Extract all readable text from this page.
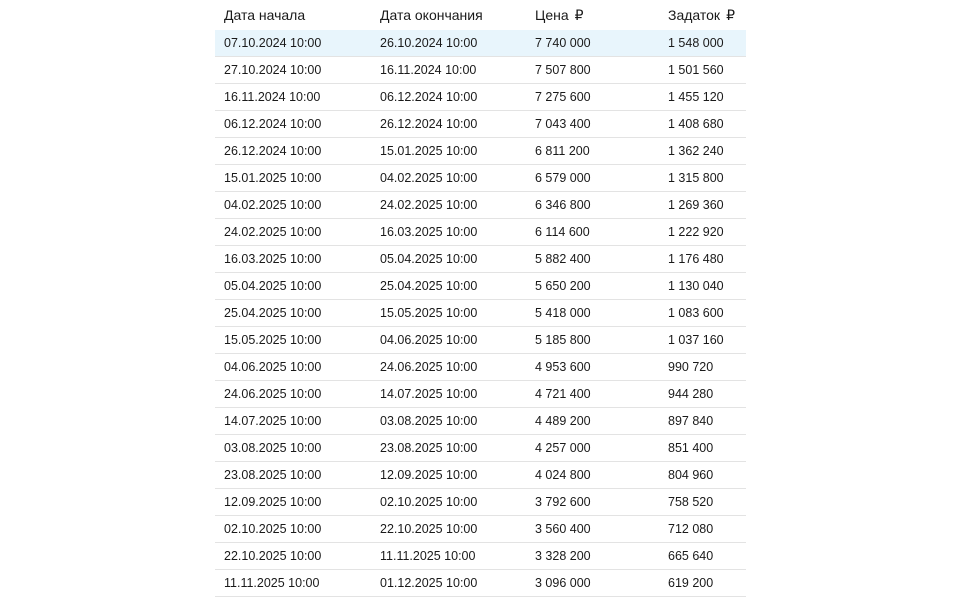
Дата начала	Дата окончания	Цена ₽	Задаток ₽
07.10.2024 10:00	26.10.2024 10:00	7 740 000	1 548 000
27.10.2024 10:00	16.11.2024 10:00	7 507 800	1 501 560
16.11.2024 10:00	06.12.2024 10:00	7 275 600	1 455 120
06.12.2024 10:00	26.12.2024 10:00	7 043 400	1 408 680
26.12.2024 10:00	15.01.2025 10:00	6 811 200	1 362 240
15.01.2025 10:00	04.02.2025 10:00	6 579 000	1 315 800
04.02.2025 10:00	24.02.2025 10:00	6 346 800	1 269 360
24.02.2025 10:00	16.03.2025 10:00	6 114 600	1 222 920
16.03.2025 10:00	05.04.2025 10:00	5 882 400	1 176 480
05.04.2025 10:00	25.04.2025 10:00	5 650 200	1 130 040
25.04.2025 10:00	15.05.2025 10:00	5 418 000	1 083 600
15.05.2025 10:00	04.06.2025 10:00	5 185 800	1 037 160
04.06.2025 10:00	24.06.2025 10:00	4 953 600	990 720
24.06.2025 10:00	14.07.2025 10:00	4 721 400	944 280
14.07.2025 10:00	03.08.2025 10:00	4 489 200	897 840
03.08.2025 10:00	23.08.2025 10:00	4 257 000	851 400
23.08.2025 10:00	12.09.2025 10:00	4 024 800	804 960
12.09.2025 10:00	02.10.2025 10:00	3 792 600	758 520
02.10.2025 10:00	22.10.2025 10:00	3 560 400	712 080
22.10.2025 10:00	11.11.2025 10:00	3 328 200	665 640
11.11.2025 10:00	01.12.2025 10:00	3 096 000	619 200
